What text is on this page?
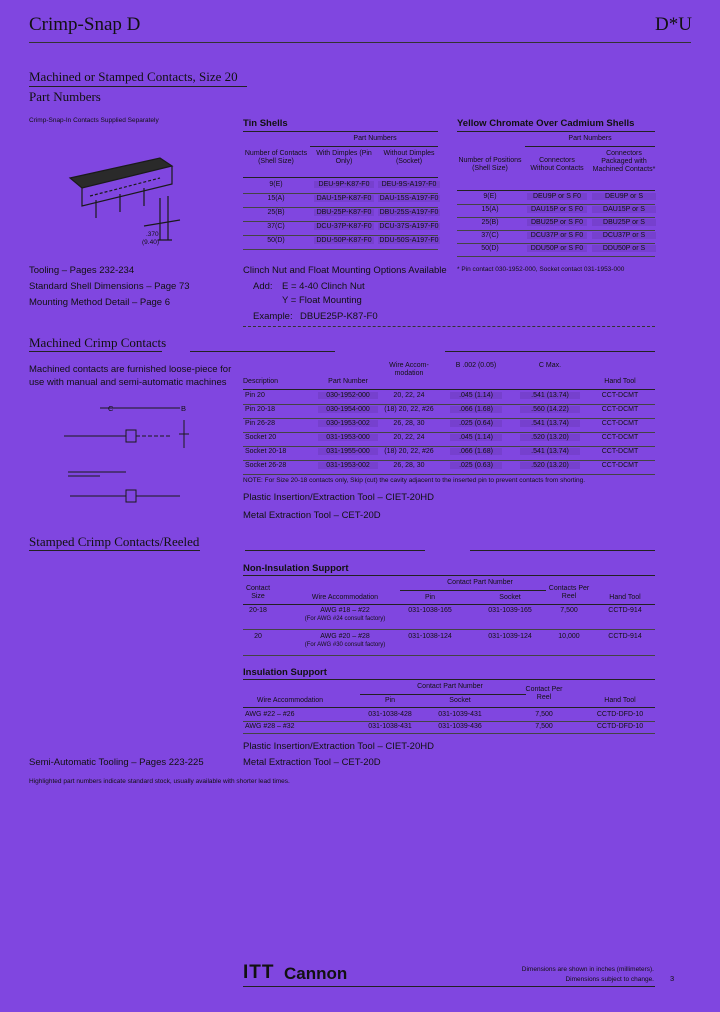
Crimp-Snap D	D*U
Machined or Stamped Contacts, Size 20
Part Numbers
Crimp-Snap-In Contacts Supplied Separately
.370
(9.40)
Tooling – Pages 232-234
Standard Shell Dimensions – Page 73
Mounting Method Detail – Page 6
Tin Shells
Part Numbers
Number of Contacts (Shell Size)
With Dimples (Pin Only)
Without Dimples (Socket)
9(E)	DEU-9P-K87-F0	DEU-9S-A197-F0
15(A)	DAU-15P-K87-F0	DAU-15S-A197-F0
25(B)	DBU-25P-K87-F0	DBU-25S-A197-F0
37(C)	DCU-37P-K87-F0	DCU-37S-A197-F0
50(D)	DDU-50P-K87-F0	DDU-50S-A197-F0
Yellow Chromate Over Cadmium Shells
Part Numbers
Number of Positions (Shell Size)
Connectors Without Contacts
Connectors Packaged with Machined Contacts*
9(E)	DEU9P or S F0	DEU9P or S
15(A)	DAU15P or S F0	DAU15P or S
25(B)	DBU25P or S F0	DBU25P or S
37(C)	DCU37P or S F0	DCU37P or S
50(D)	DDU50P or S F0	DDU50P or S
* Pin contact 030-1952-000, Socket contact 031-1953-000
Clinch Nut and Float Mounting Options Available
Add: E = 4-40 Clinch Nut
Y = Float Mounting
Example: DBUE25P-K87-F0
Machined Crimp Contacts
Machined contacts are furnished loose-piece for
use with manual and semi-automatic machines
C	B
Description	Part Number
Wire Accom-modation
B .002 (0.05)	C Max.
Hand Tool
Pin 20	030-1952-000	20, 22, 24	.045 (1.14)	.541 (13.74)	CCT-DCMT
Pin 20-18	030-1954-000	(18) 20, 22, #26	.066 (1.68)	.560 (14.22)	CCT-DCMT
Pin 26-28	030-1953-002	26, 28, 30	.025 (0.64)	.541 (13.74)	CCT-DCMT
Socket 20	031-1953-000	20, 22, 24	.045 (1.14)	.520 (13.20)	CCT-DCMT
Socket 20-18	031-1955-000	(18) 20, 22, #26	.066 (1.68)	.541 (13.74)	CCT-DCMT
Socket 26-28	031-1953-002	26, 28, 30	.025 (0.63)	.520 (13.20)	CCT-DCMT
NOTE: For Size 20-18 contacts only, Skip (cut) the cavity adjacent to the inserted pin to prevent contacts from shorting.
Plastic Insertion/Extraction Tool – CIET-20HD
Metal Extraction Tool – CET-20D
Stamped Crimp Contacts/Reeled
Non-Insulation Support
Contact Part Number
Contact Size	Wire Accommodation	Pin	Socket
Contacts Per Reel	Hand Tool
20-18	AWG #18 – #22
(For AWG #24 consult factory)
031-1038-165	031-1039-165	7,500	CCTD-914
20	AWG #20 – #28
(For AWG #30 consult factory)
031-1038-124	031-1039-124	10,000	CCTD-914
Insulation Support
Contact Part Number
Wire Accommodation	Pin	Socket
Contact Per Reel	Hand Tool
AWG #22 – #26	031-1038-428	031-1039-431	7,500	CCTD-DFD-10
AWG #28 – #32	031-1038-431	031-1039-436	7,500	CCTD-DFD-10
Plastic Insertion/Extraction Tool – CIET-20HD
Metal Extraction Tool – CET-20D
Semi-Automatic Tooling – Pages 223-225
Highlighted part numbers indicate standard stock, usually available with shorter lead times.
ITT Cannon	Dimensions are shown in inches (millimeters).
Dimensions subject to change. 3
